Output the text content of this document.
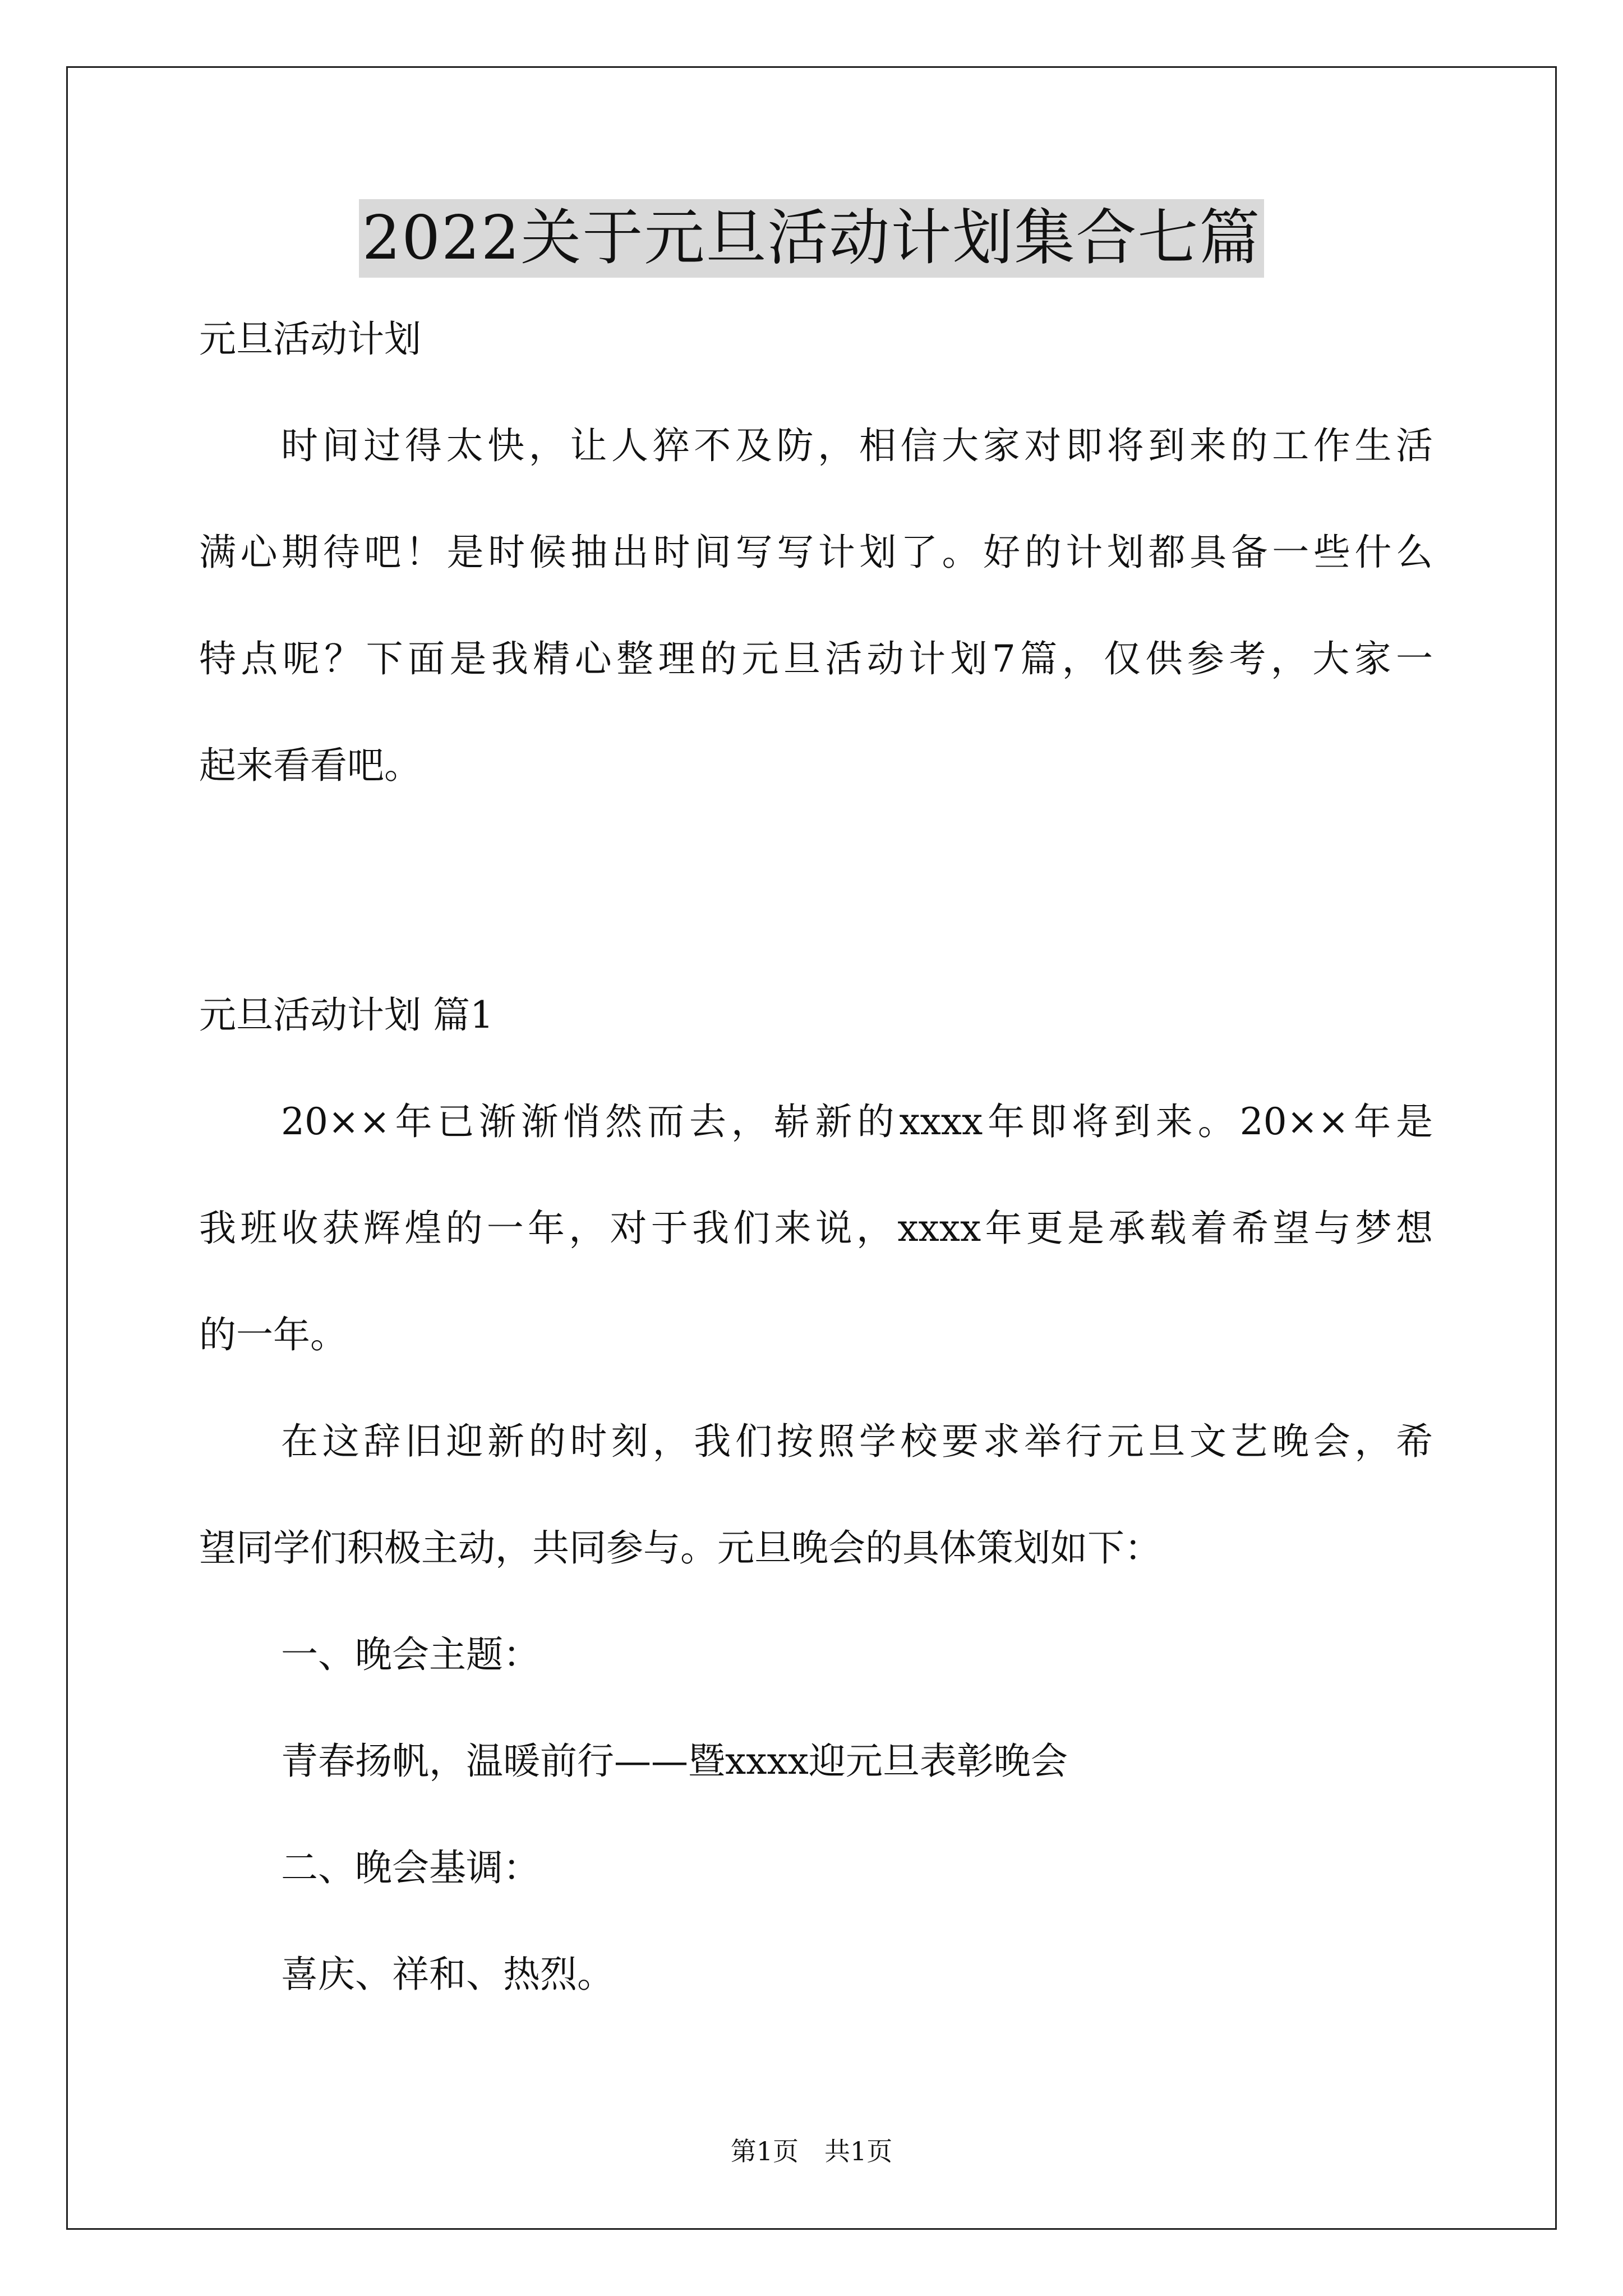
2022关于元旦活动计划集合七篇
元旦活动计划
时间过得太快，让人猝不及防，相信大家对即将到来的工作生活
满心期待吧！是时候抽出时间写写计划了。好的计划都具备一些什么
特点呢？下面是我精心整理的元旦活动计划7篇，仅供参考，大家一
起来看看吧。
元旦活动计划 篇1
20××年已渐渐悄然而去，崭新的xxxx年即将到来。20××年是
我班收获辉煌的一年，对于我们来说，xxxx年更是承载着希望与梦想
的一年。
在这辞旧迎新的时刻，我们按照学校要求举行元旦文艺晚会，希
望同学们积极主动，共同参与。元旦晚会的具体策划如下：
一、晚会主题：
青春扬帆，温暖前行——暨xxxx迎元旦表彰晚会
二、晚会基调：
喜庆、祥和、热烈。
第1页 共1页
